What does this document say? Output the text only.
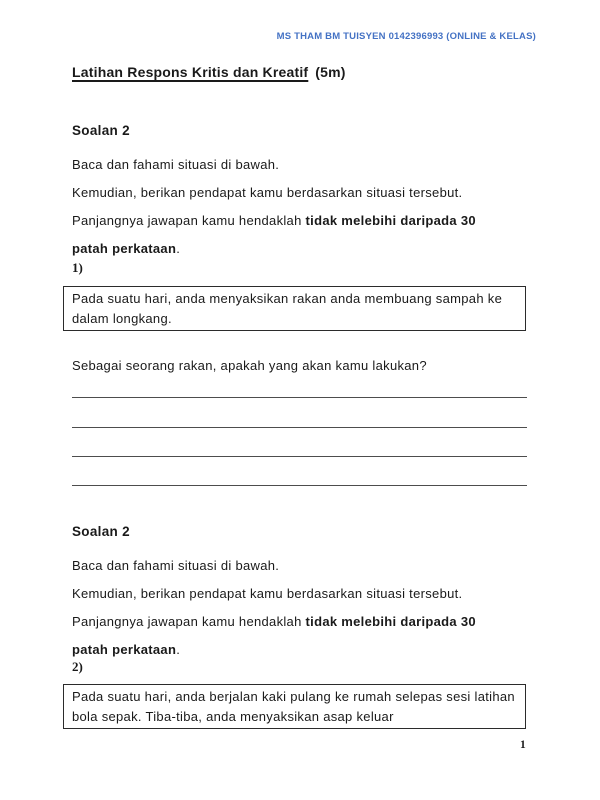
MS THAM BM TUISYEN 0142396993 (ONLINE & KELAS)
Latihan Respons Kritis dan Kreatif (5m)
Soalan 2
Baca dan fahami situasi di bawah.
Kemudian, berikan pendapat kamu berdasarkan situasi tersebut.
Panjangnya jawapan kamu hendaklah tidak melebihi daripada 30
patah perkataan.
1)
Pada suatu hari, anda menyaksikan rakan anda membuang sampah ke dalam longkang.
Sebagai seorang rakan, apakah yang akan kamu lakukan?
Soalan 2
Baca dan fahami situasi di bawah.
Kemudian, berikan pendapat kamu berdasarkan situasi tersebut.
Panjangnya jawapan kamu hendaklah tidak melebihi daripada 30
patah perkataan.
2)
Pada suatu hari, anda berjalan kaki pulang ke rumah selepas sesi latihan bola sepak. Tiba-tiba, anda menyaksikan asap keluar
1
